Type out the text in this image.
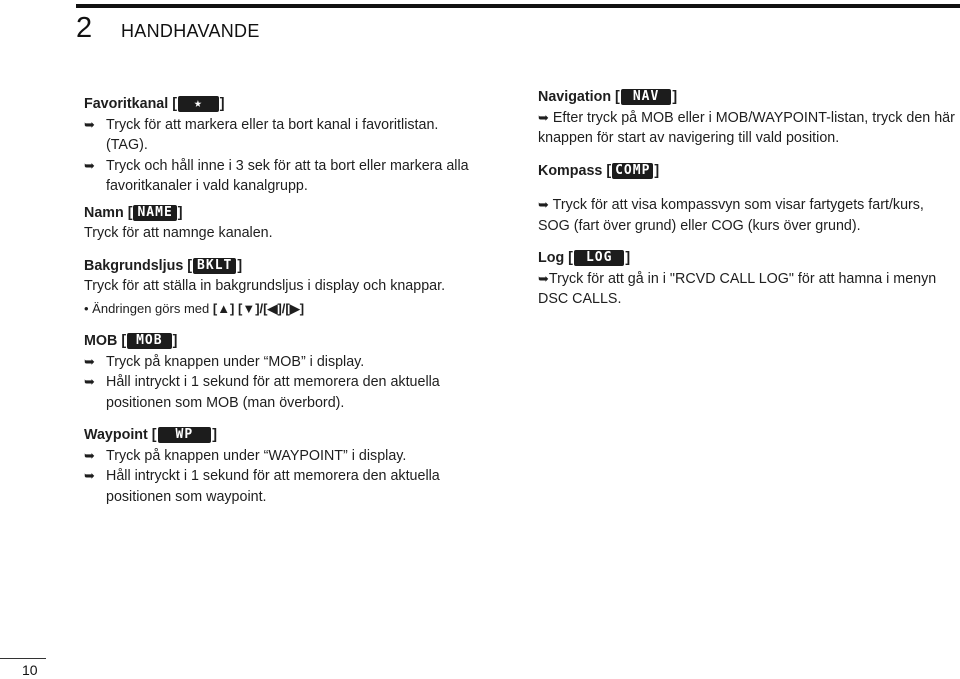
2 HANDHAVANDE
Favoritkanal [	★	]
➥ Tryck för att markera eller ta bort kanal i favoritlistan. (TAG).
➥ Tryck och håll inne i 3 sek för att ta bort eller markera alla favoritkanaler i vald kanalgrupp.
Namn [ NAME ]
Tryck för att namnge kanalen.
Bakgrundsljus [ BKLT ]
Tryck för att ställa in bakgrundsljus i display och knappar.
• Ändringen görs med [▲] [▼]/[◀]/[▶]
MOB [ MOB ]
➥ Tryck på knappen under “MOB” i display.
➥ Håll intryckt i 1 sekund för att memorera den aktuella positionen som MOB (man överbord).
Waypoint [	WP	]
➥ Tryck på knappen under “WAYPOINT” i display.
➥ Håll intryckt i 1 sekund för att memorera den aktuella positionen som waypoint.
Navigation [	NAV ]
➥ Efter tryck på MOB eller i MOB/WAYPOINT-listan, tryck den här knappen för start av navigering till vald position.
Kompass [ COMP ]
➥ Tryck för att visa kompassvyn som visar fartygets fart/kurs, SOG (fart över grund) eller COG (kurs över grund).
Log [	LOG ]
➥Tryck för att gå in i "RCVD CALL LOG" för att hamna i menyn DSC CALLS.
10
